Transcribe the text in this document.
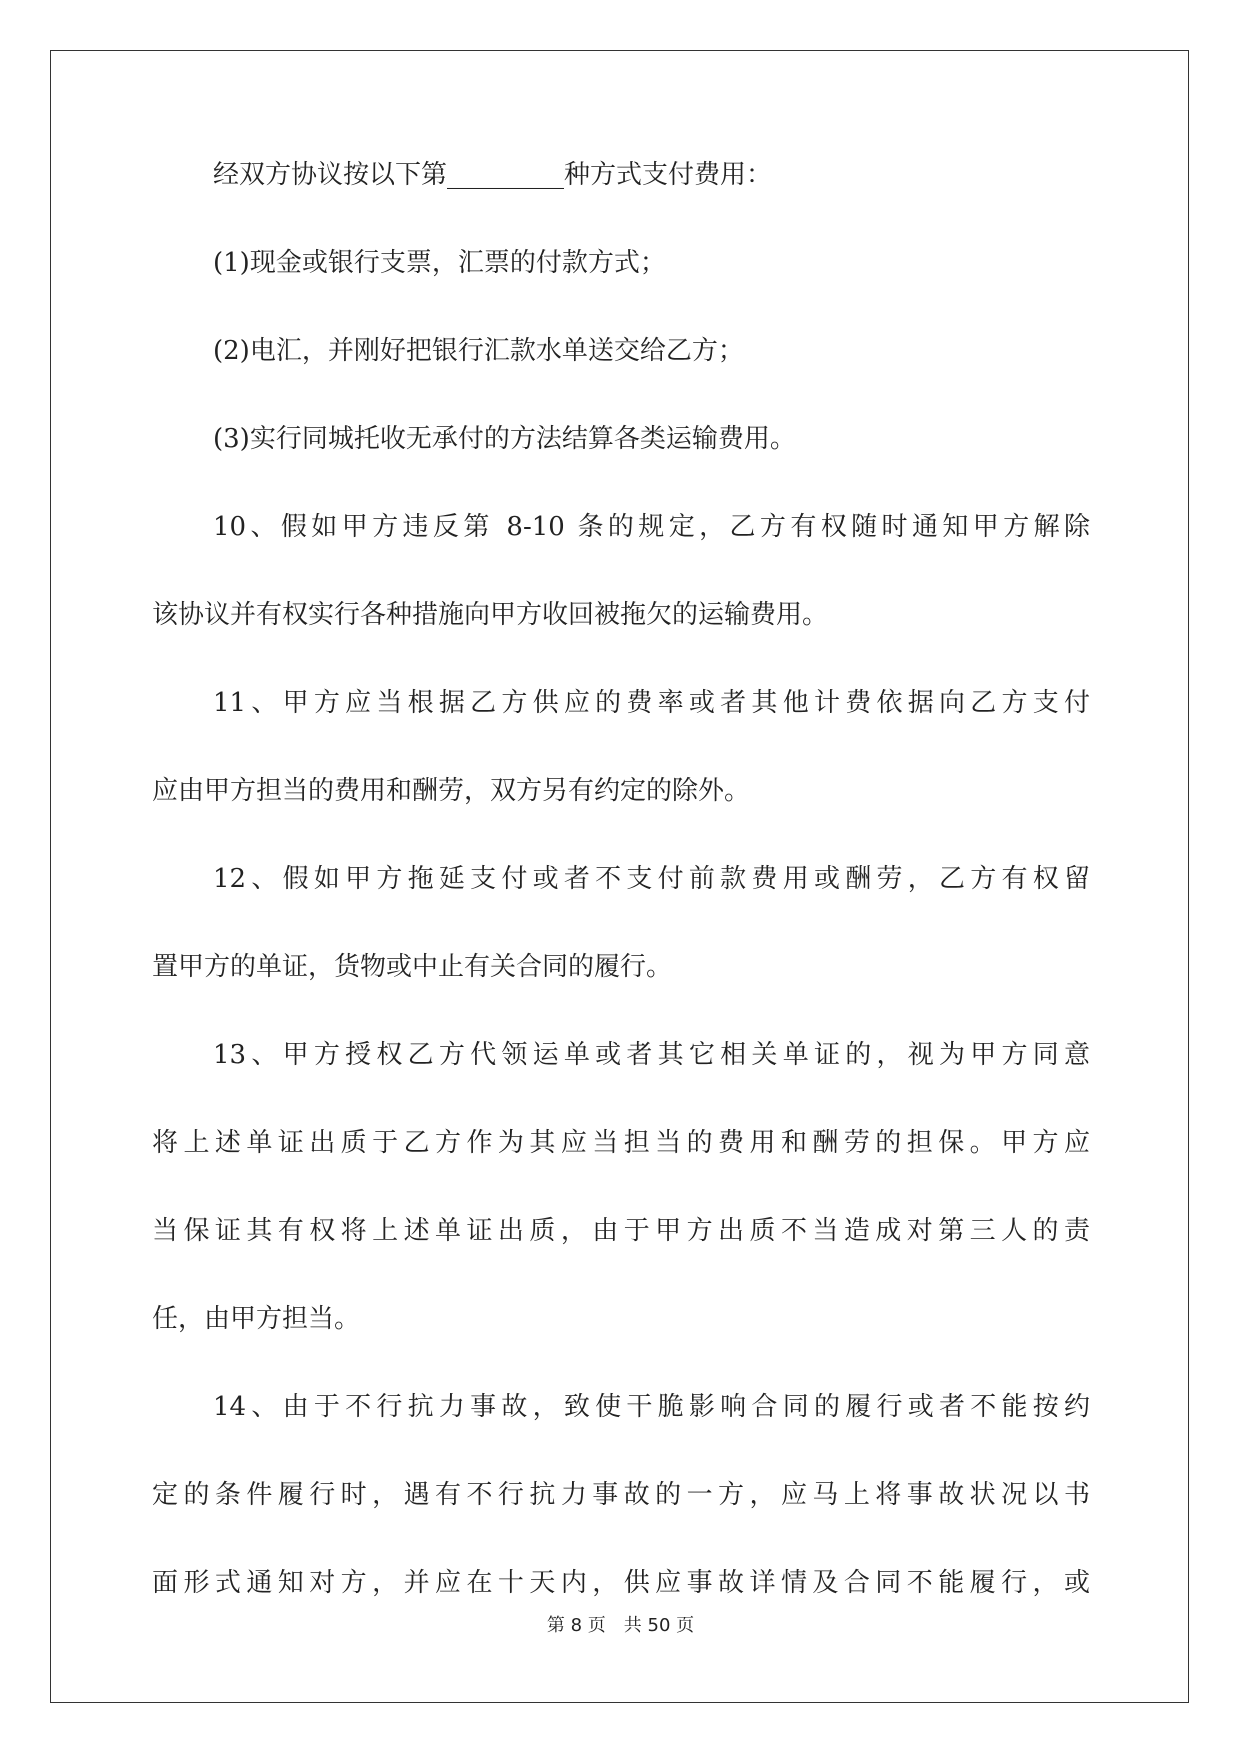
经双方协议按以下第_________种方式支付费用：

(1)现金或银行支票，汇票的付款方式；

(2)电汇，并刚好把银行汇款水单送交给乙方；

(3)实行同城托收无承付的方法结算各类运输费用。

10、假如甲方违反第 8-10 条的规定，乙方有权随时通知甲方解除

该协议并有权实行各种措施向甲方收回被拖欠的运输费用。

11、甲方应当根据乙方供应的费率或者其他计费依据向乙方支付

应由甲方担当的费用和酬劳，双方另有约定的除外。

12、假如甲方拖延支付或者不支付前款费用或酬劳，乙方有权留

置甲方的单证，货物或中止有关合同的履行。

13、甲方授权乙方代领运单或者其它相关单证的，视为甲方同意

将上述单证出质于乙方作为其应当担当的费用和酬劳的担保。甲方应

当保证其有权将上述单证出质，由于甲方出质不当造成对第三人的责

任，由甲方担当。

14、由于不行抗力事故，致使干脆影响合同的履行或者不能按约

定的条件履行时，遇有不行抗力事故的一方，应马上将事故状况以书

面形式通知对方，并应在十天内，供应事故详情及合同不能履行，或

第 8 页　共 50 页
